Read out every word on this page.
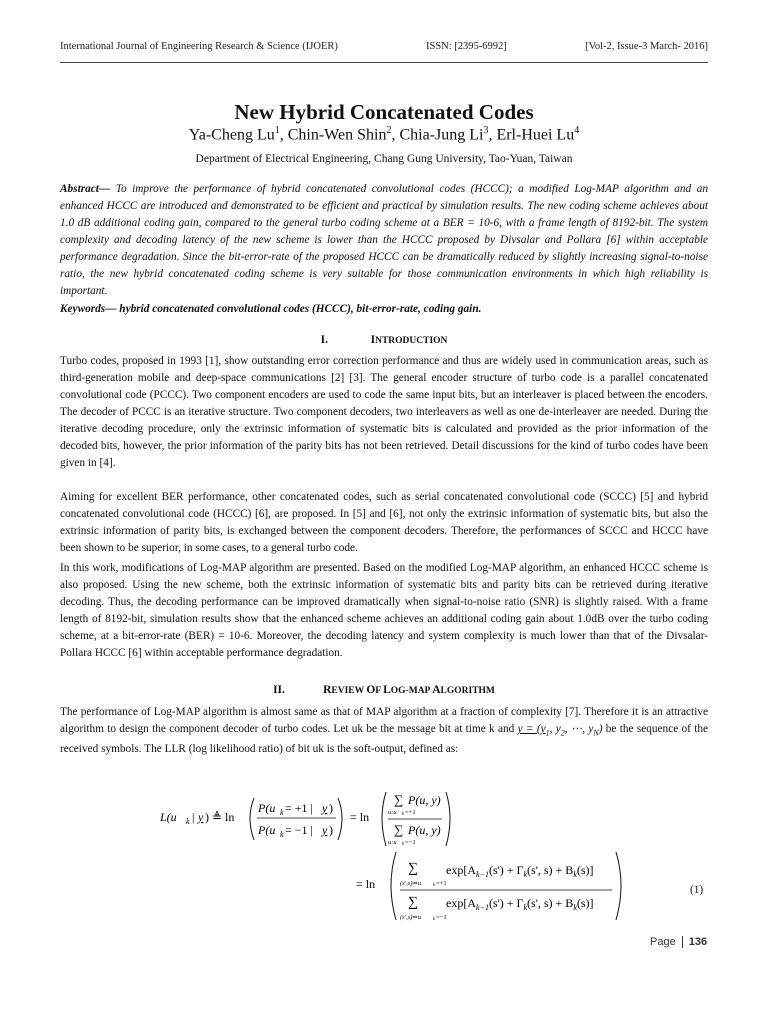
International Journal of Engineering Research & Science (IJOER)	ISSN: [2395-6992]	[Vol-2, Issue-3 March- 2016]
New Hybrid Concatenated Codes
Ya-Cheng Lu$^1$, Chin-Wen Shin$^2$, Chia-Jung Li$^3$, Erl-Huei Lu$^4$
Department of Electrical Engineering, Chang Gung University, Tao-Yuan, Taiwan

Abstract— To improve the performance of hybrid concatenated convolutional codes (HCCC); a modified Log-MAP algorithm and an enhanced HCCC are introduced and demonstrated to be efficient and practical by simulation results. The new coding scheme achieves about 1.0 dB additional coding gain, compared to the general turbo coding scheme at a BER = 10-6, with a frame length of 8192-bit. The system complexity and decoding latency of the new scheme is lower than the HCCC proposed by Divsalar and Pollara [6] within acceptable performance degradation. Since the bit-error-rate of the proposed HCCC can be dramatically reduced by slightly increasing signal-to-noise ratio, the new hybrid concatenated coding scheme is very suitable for those communication environments in which high reliability is important.

Keywords— hybrid concatenated convolutional codes (HCCC), bit-error-rate, coding gain.

I.	INTRODUCTION

Turbo codes, proposed in 1993 [1], show outstanding error correction performance and thus are widely used in communication areas, such as third-generation mobile and deep-space communications [2] [3]. The general encoder structure of turbo code is a parallel concatenated convolutional code (PCCC). Two component encoders are used to code the same input bits, but an interleaver is placed between the encoders. The decoder of PCCC is an iterative structure. Two component decoders, two interleavers as well as one de-interleaver are needed. During the iterative decoding procedure, only the extrinsic information of systematic bits is calculated and provided as the prior information of the decoded bits, however, the prior information of the parity bits has not been retrieved. Detail discussions for the kind of turbo codes have been given in [4].

Aiming for excellent BER performance, other concatenated codes, such as serial concatenated convolutional code (SCCC) [5] and hybrid concatenated convolutional code (HCCC) [6], are proposed. In [5] and [6], not only the extrinsic information of systematic bits, but also the extrinsic information of parity bits, is exchanged between the component decoders. Therefore, the performances of SCCC and HCCC have been shown to be superior, in some cases, to a general turbo code.

In this work, modifications of Log-MAP algorithm are presented. Based on the modified Log-MAP algorithm, an enhanced HCCC scheme is also proposed. Using the new scheme, both the extrinsic information of systematic bits and parity bits can be retrieved during iterative decoding. Thus, the decoding performance can be improved dramatically when signal-to-noise ratio (SNR) is slightly raised. With a frame length of 8192-bit, simulation results show that the enhanced scheme achieves an additional coding gain about 1.0dB over the turbo coding scheme, at a bit-error-rate (BER) = 10-6. Moreover, the decoding latency and system complexity is much lower than that of the Divsalar-Pollara HCCC [6] within acceptable performance degradation.

II.	REVIEW OF LOG-MAP ALGORITHM

The performance of Log-MAP algorithm is almost same as that of MAP algorithm at a fraction of complexity [7]. Therefore it is an attractive algorithm to design the component decoder of turbo codes. Let uk be the message bit at time k and $y = (y_1$, $y_2$, ⋯, $y_N$) be the sequence of the received symbols. The LLR (log likelihood ratio) of bit uk is the soft-output, defined as:

L(u k | y ) ≜ ln
P(u k = +1 | y )
P(u k = −1 | y )
= ln
∑ P(u, y)
u:u k =+1
∑ P(u, y)
u:u k =−1
= ln
∑
(s',s)⇒u k =+1
$\exp[A_{k-1}(s') + \Gamma_k(s'$, $s) + B_k(s)$]
∑
(s',s)⇒u k =−1
$\exp[A_{k-1}(s') + \Gamma_k(s'$, $s) + B_k(s)$]
(1)
Page 136
